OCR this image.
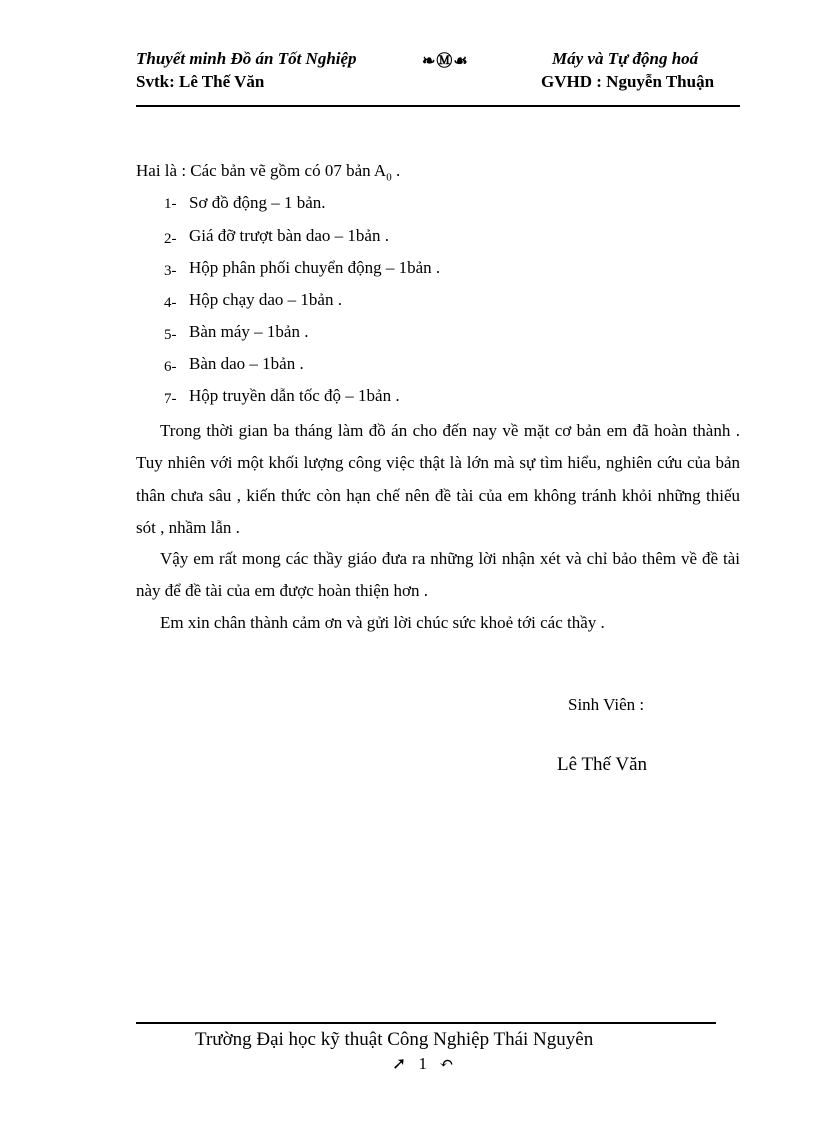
Thuyết minh Đồ án Tốt Nghiệp	❧Ⓜ☙	Máy và Tự động hoá
Svtk: Lê Thế Văn	GVHD : Nguyễn Thuận
Hai là : Các bản vẽ gồm có 07 bản $A_0$ .
1- Sơ đồ động – 1 bản.
2- Giá đỡ trượt bàn dao – 1bản .
3- Hộp phân phối chuyển động – 1bản .
4- Hộp chạy dao – 1bản .
5- Bàn máy – 1bản .
6- Bàn dao – 1bản .
7- Hộp truyền dẫn tốc độ – 1bản .

Trong thời gian ba tháng làm đồ án cho đến nay về mặt cơ bản em đã hoàn thành . Tuy nhiên với một khối lượng công việc thật là lớn mà sự tìm hiểu, nghiên cứu của bản thân chưa sâu , kiến thức còn hạn chế nên đề tài của em không tránh khỏi những thiếu sót , nhầm lẫn .

Vậy em rất mong các thầy giáo đưa ra những lời nhận xét và chỉ bảo thêm về đề tài này để đề tài của em được hoàn thiện hơn .

Em xin chân thành cảm ơn và gửi lời chúc sức khoẻ tới các thầy .

Sinh Viên :
Lê Thế Văn
Trường Đại học kỹ thuật Công Nghiệp Thái Nguyên
➚ 1 ↶
